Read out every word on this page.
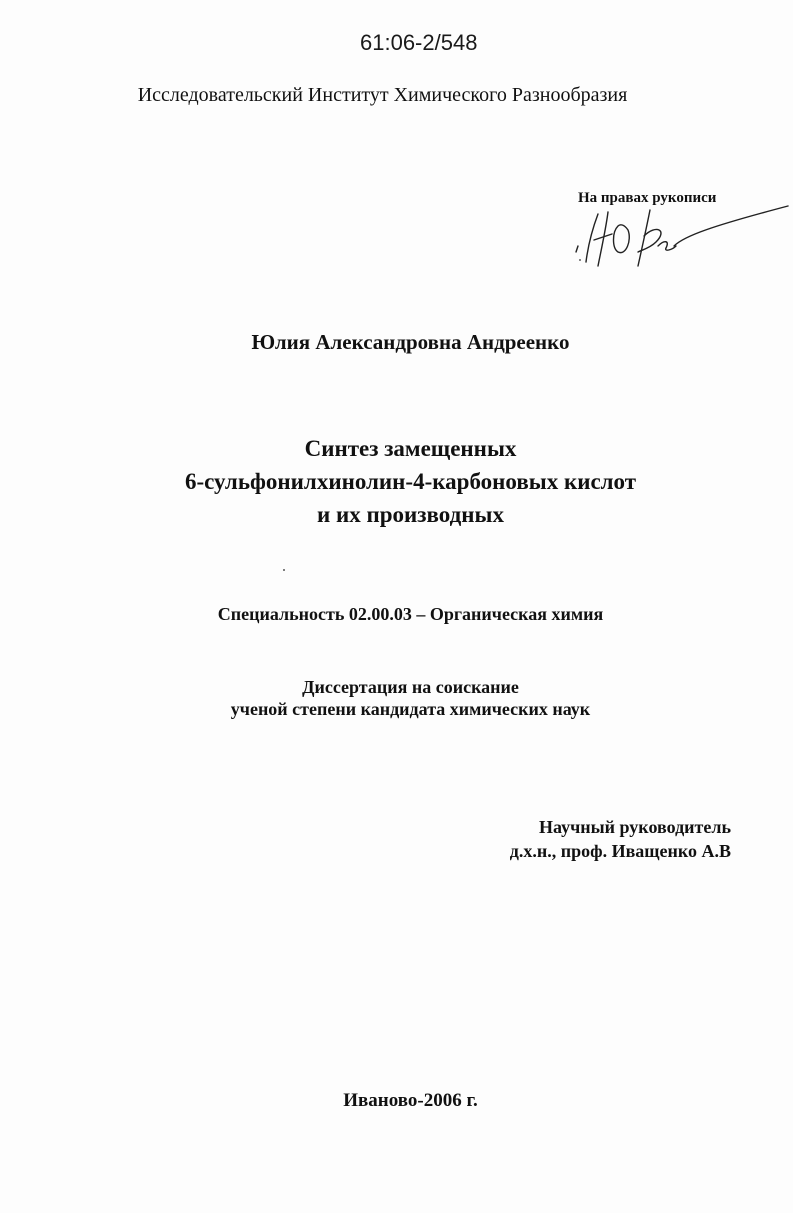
61:06-2/548
Исследовательский Институт Химического Разнообразия
На правах рукописи
Юлия Александровна Андреенко
Синтез замещенных
6-сульфонилхинолин-4-карбоновых кислот
и их производных
Специальность 02.00.03 – Органическая химия
Диссертация на соискание
ученой степени кандидата химических наук
Научный руководитель
д.х.н., проф. Иващенко А.В
Иваново-2006 г.
